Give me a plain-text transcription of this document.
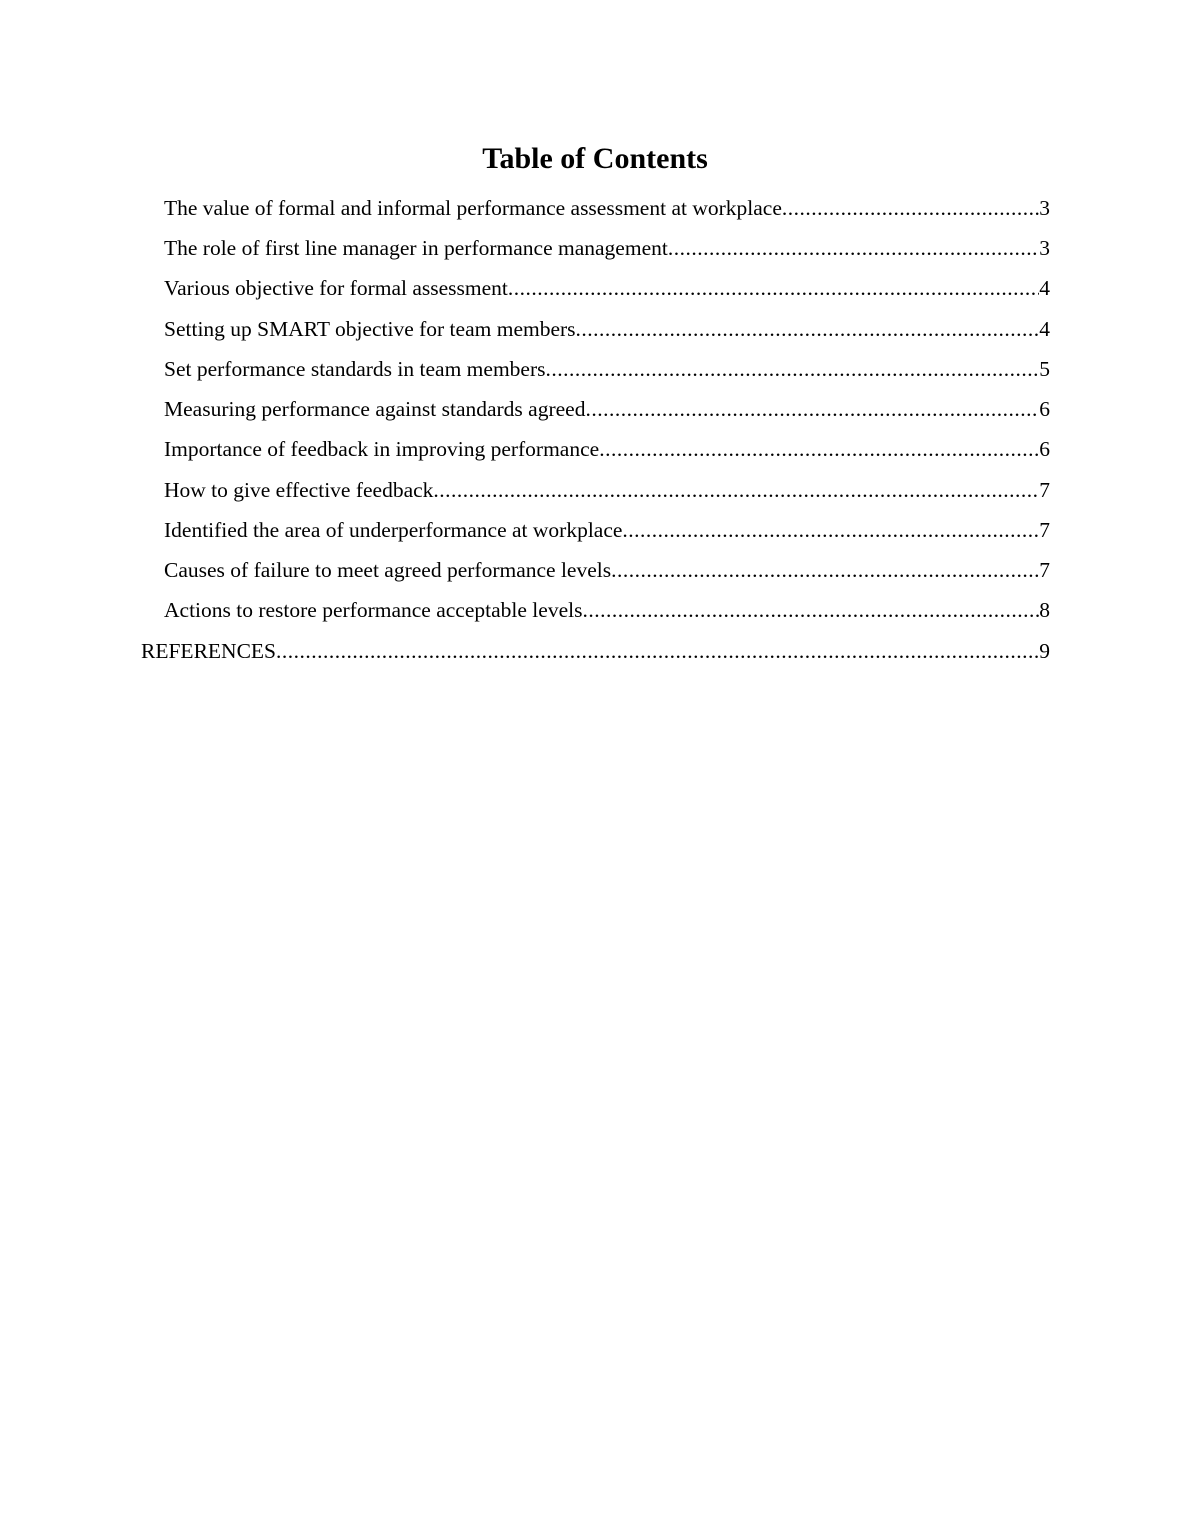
Table of Contents
The value of formal and informal performance assessment at workplace .....	3
The role of first line manager in performance management .....	3
Various objective for formal assessment .....	4
Setting up SMART objective for team members .....	4
Set performance standards in team members .....	5
Measuring performance against standards agreed .....	6
Importance of feedback in improving performance .....	6
How to give effective feedback .....	7
Identified the area of underperformance at workplace .....	7
Causes of failure to meet agreed performance levels .....	7
Actions to restore performance acceptable levels .....	8
REFERENCES .....	9
